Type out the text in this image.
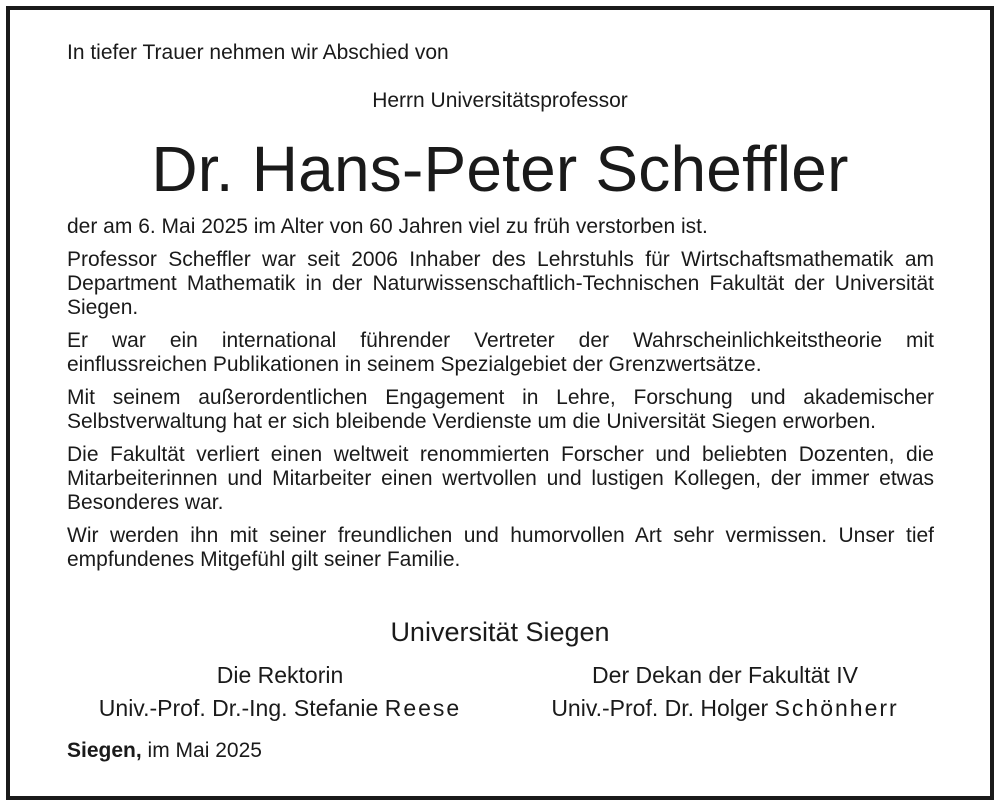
In tiefer Trauer nehmen wir Abschied von
Herrn Universitätsprofessor
Dr. Hans-Peter Scheffler

der am 6. Mai 2025 im Alter von 60 Jahren viel zu früh verstorben ist.

Professor Scheffler war seit 2006 Inhaber des Lehrstuhls für Wirtschaftsmathematik am Department Mathematik in der Naturwissenschaftlich-Technischen Fakultät der Universität Siegen.

Er war ein international führender Vertreter der Wahrscheinlichkeitstheorie mit einflussreichen Publikationen in seinem Spezialgebiet der Grenzwertsätze.

Mit seinem außerordentlichen Engagement in Lehre, Forschung und akademischer Selbstverwaltung hat er sich bleibende Verdienste um die Universität Siegen erworben.

Die Fakultät verliert einen weltweit renommierten Forscher und beliebten Dozenten, die Mitarbeiterinnen und Mitarbeiter einen wertvollen und lustigen Kollegen, der immer etwas Besonderes war.

Wir werden ihn mit seiner freundlichen und humorvollen Art sehr vermissen. Unser tief empfundenes Mitgefühl gilt seiner Familie.

Universität Siegen
Die Rektorin
Univ.-Prof. Dr.-Ing. Stefanie Reese
Der Dekan der Fakultät IV
Univ.-Prof. Dr. Holger Schönherr
Siegen, im Mai 2025
